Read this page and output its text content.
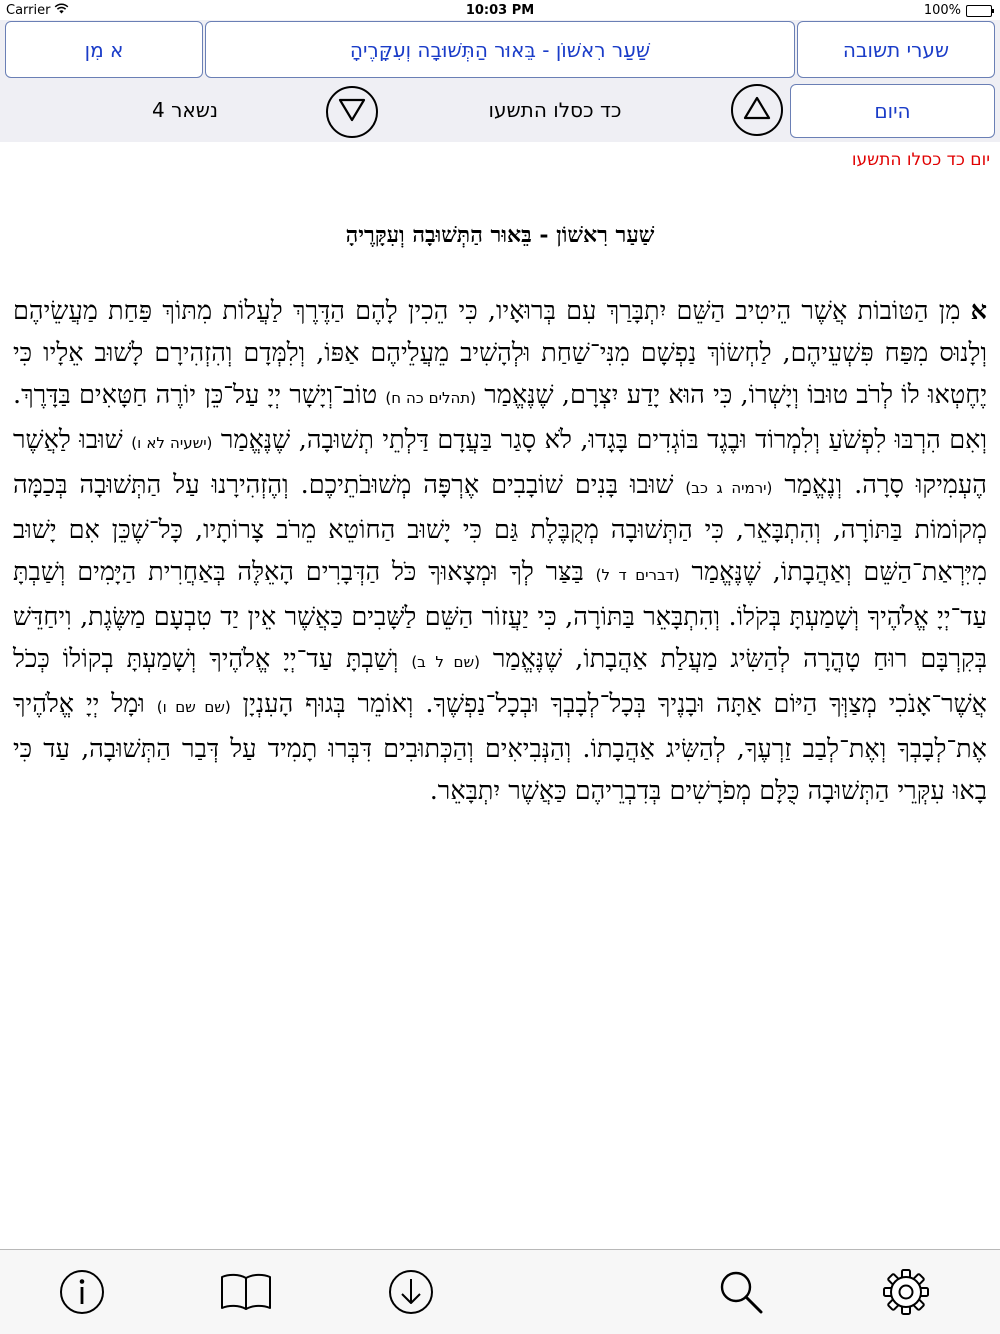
Carrier	10:03 PM	100%
שערי תשובה
שַׁעַר רִאשׁוֹן - בֵּאוּר הַתְּשׁוּבָה וְעִקָּרֶיהָ
א מִן
היום
כד כסלו התשעו
נשאר 4
יום כד כסלו התשעו
שַׁעַר רִאשׁוֹן - בֵּאוּר הַתְּשׁוּבָה וְעִקָּרֶיהָ
א מִן הַטּוֹבוֹת אֲשֶׁר הֵיטִיב הַשֵּׁם יִתְבָּרַךְ עִם בְּרוּאָיו, כִּי הֵכִין לָהֶם הַדֶּרֶךְ לַעֲלוֹת מִתּוֹךְ פַּחַת מַעֲשֵׂיהֶם וְלָנוּס מִפַּח פִּשְׁעֵיהֶם, לַחְשׂוֹךְ נַפְשָׁם מִנִּי־שַׁחַת וּלְהָשִׁיב מֵעֲלֵיהֶם אַפּוֹ, וְלִמְּדָם וְהִזְהִירָם לָשׁוּב אֵלָיו כִּי יֶחֶטְאוּ לוֹ לְרֹב טוּבוֹ וְיָשְׁרוֹ, כִּי הוּא יָדַע יִצְרָם, שֶׁנֶּאֱמַר (תהלים כה ח) טוֹב־וְיָשָׁר יְיָ עַל־כֵּן יוֹרֶה חַטָּאִים בַּדָּרֶךְ. וְאִם הִרְבּוּ לִפְשֹׁעַ וְלִמְרוֹד וּבֶגֶד בּוֹגְדִים בָּגָדוּ, לֹא סָגַר בַּעֲדָם דַּלְתֵי תְשׁוּבָה, שֶׁנֶּאֱמַר (ישעיה לא ו) שׁוּבוּ לַאֲשֶׁר הֶעְמִיקוּ סָרָה. וְנֶאֱמַר (ירמיה ג כב) שׁוּבוּ בָּנִים שׁוֹבָבִים אֶרְפָּה מְשׁוּבֹתֵיכֶם. וְהֶזְהִירָנוּ עַל הַתְּשׁוּבָה בְּכַמָּה מְקוֹמוֹת בַּתּוֹרָה, וְהִתְבָּאֵר, כִּי הַתְּשׁוּבָה מְקֻבֶּלֶת גַּם כִּי יָשׁוּב הַחוֹטֵא מֵרֹב צָרוֹתָיו, כָּל־שֶׁכֵּן אִם יָשׁוּב מִיִּרְאַת־הַשֵּׁם וְאַהֲבָתוֹ, שֶׁנֶּאֱמַר (דברים ד ל) בַּצַּר לְךָ וּמְצָאוּךָ כֹּל הַדְּבָרִים הָאֵלֶּה בְּאַחֲרִית הַיָּמִים וְשַׁבְתָּ עַד־יְיָ אֱלֹהֶיךָ וְשָׁמַעְתָּ בְּקֹלוֹ. וְהִתְבָּאֵר בַּתּוֹרָה, כִּי יַעֲזוֹר הַשֵּׁם לַשָּׁבִים כַּאֲשֶׁר אֵין יַד טִבְעָם מַשֶּׂגֶת, וִיחַדֵּשׁ בְּקִרְבָּם רוּחַ טָהֳרָה לְהַשִּׂיג מַעֲלַת אַהֲבָתוֹ, שֶׁנֶּאֱמַר (שם ל ב) וְשַׁבְתָּ עַד־יְיָ אֱלֹהֶיךָ וְשָׁמַעְתָּ בְקוֹלוֹ כְּכֹל אֲשֶׁר־אָנֹכִי מְצַוְּךָ הַיּוֹם אַתָּה וּבָנֶיךָ בְּכָל־לְבָבְךָ וּבְכָל־נַפְשֶׁךָ. וְאוֹמֵר בְּגוּף הָעִנְיָן (שם שם ו) וּמָל יְיָ אֱלֹהֶיךָ אֶת־לְבָבְךָ וְאֶת־לְבַב זַרְעֶךָ, לְהַשִּׂיג אַהֲבָתוֹ. וְהַנְּבִיאִים וְהַכְּתוּבִים דִּבְּרוּ תָמִיד עַל דְּבַר הַתְּשׁוּבָה, עַד כִּי בָאוּ עִקְּרֵי הַתְּשׁוּבָה כֻּלָּם מְפֹרָשִׁים בְּדִבְרֵיהֶם כַּאֲשֶׁר יִתְבָּאֵר.
